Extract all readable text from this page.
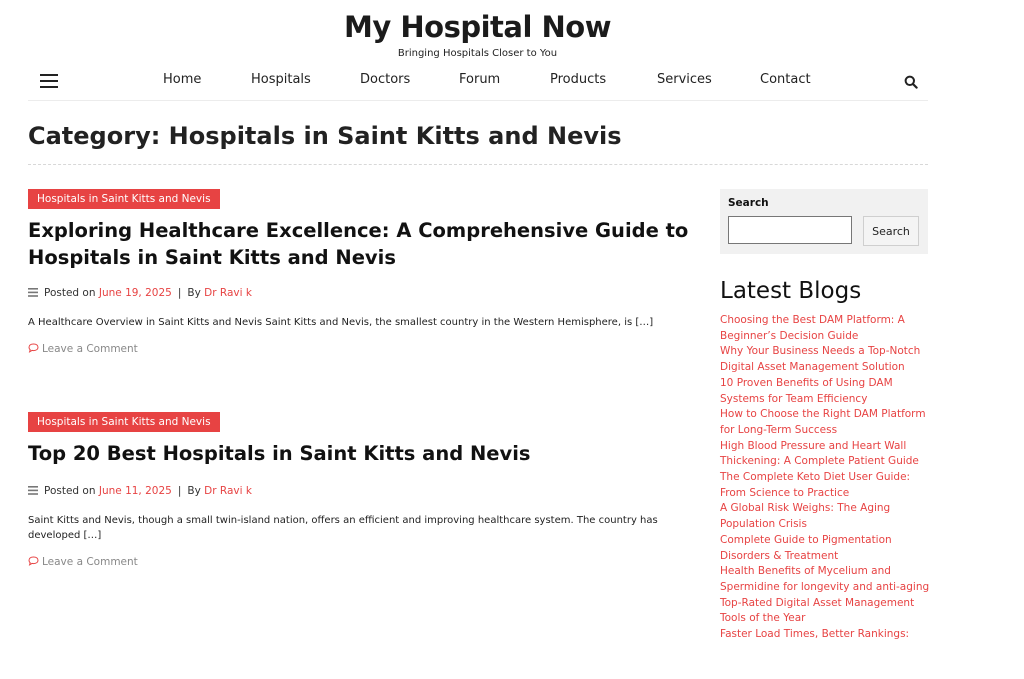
My Hospital Now
Bringing Hospitals Closer to You
Home	Hospitals	Doctors	Forum	Products	Services	Contact
Category: Hospitals in Saint Kitts and Nevis
Hospitals in Saint Kitts and Nevis
Exploring Healthcare Excellence: A Comprehensive Guide to Hospitals in Saint Kitts and Nevis
Posted on June 19, 2025 | By Dr Ravi k
A Healthcare Overview in Saint Kitts and Nevis Saint Kitts and Nevis, the smallest country in the Western Hemisphere, is […]
Leave a Comment
Hospitals in Saint Kitts and Nevis
Top 20 Best Hospitals in Saint Kitts and Nevis
Posted on June 11, 2025 | By Dr Ravi k
Saint Kitts and Nevis, though a small twin-island nation, offers an efficient and improving healthcare system. The country has developed […]
Leave a Comment
Search
Search
Latest Blogs
Choosing the Best DAM Platform: A Beginner’s Decision Guide
Why Your Business Needs a Top-Notch Digital Asset Management Solution
10 Proven Benefits of Using DAM Systems for Team Efficiency
How to Choose the Right DAM Platform for Long-Term Success
High Blood Pressure and Heart Wall Thickening: A Complete Patient Guide
The Complete Keto Diet User Guide: From Science to Practice
A Global Risk Weighs: The Aging Population Crisis
Complete Guide to Pigmentation Disorders & Treatment
Health Benefits of Mycelium and Spermidine for longevity and anti-aging
Top-Rated Digital Asset Management Tools of the Year
Faster Load Times, Better Rankings:
